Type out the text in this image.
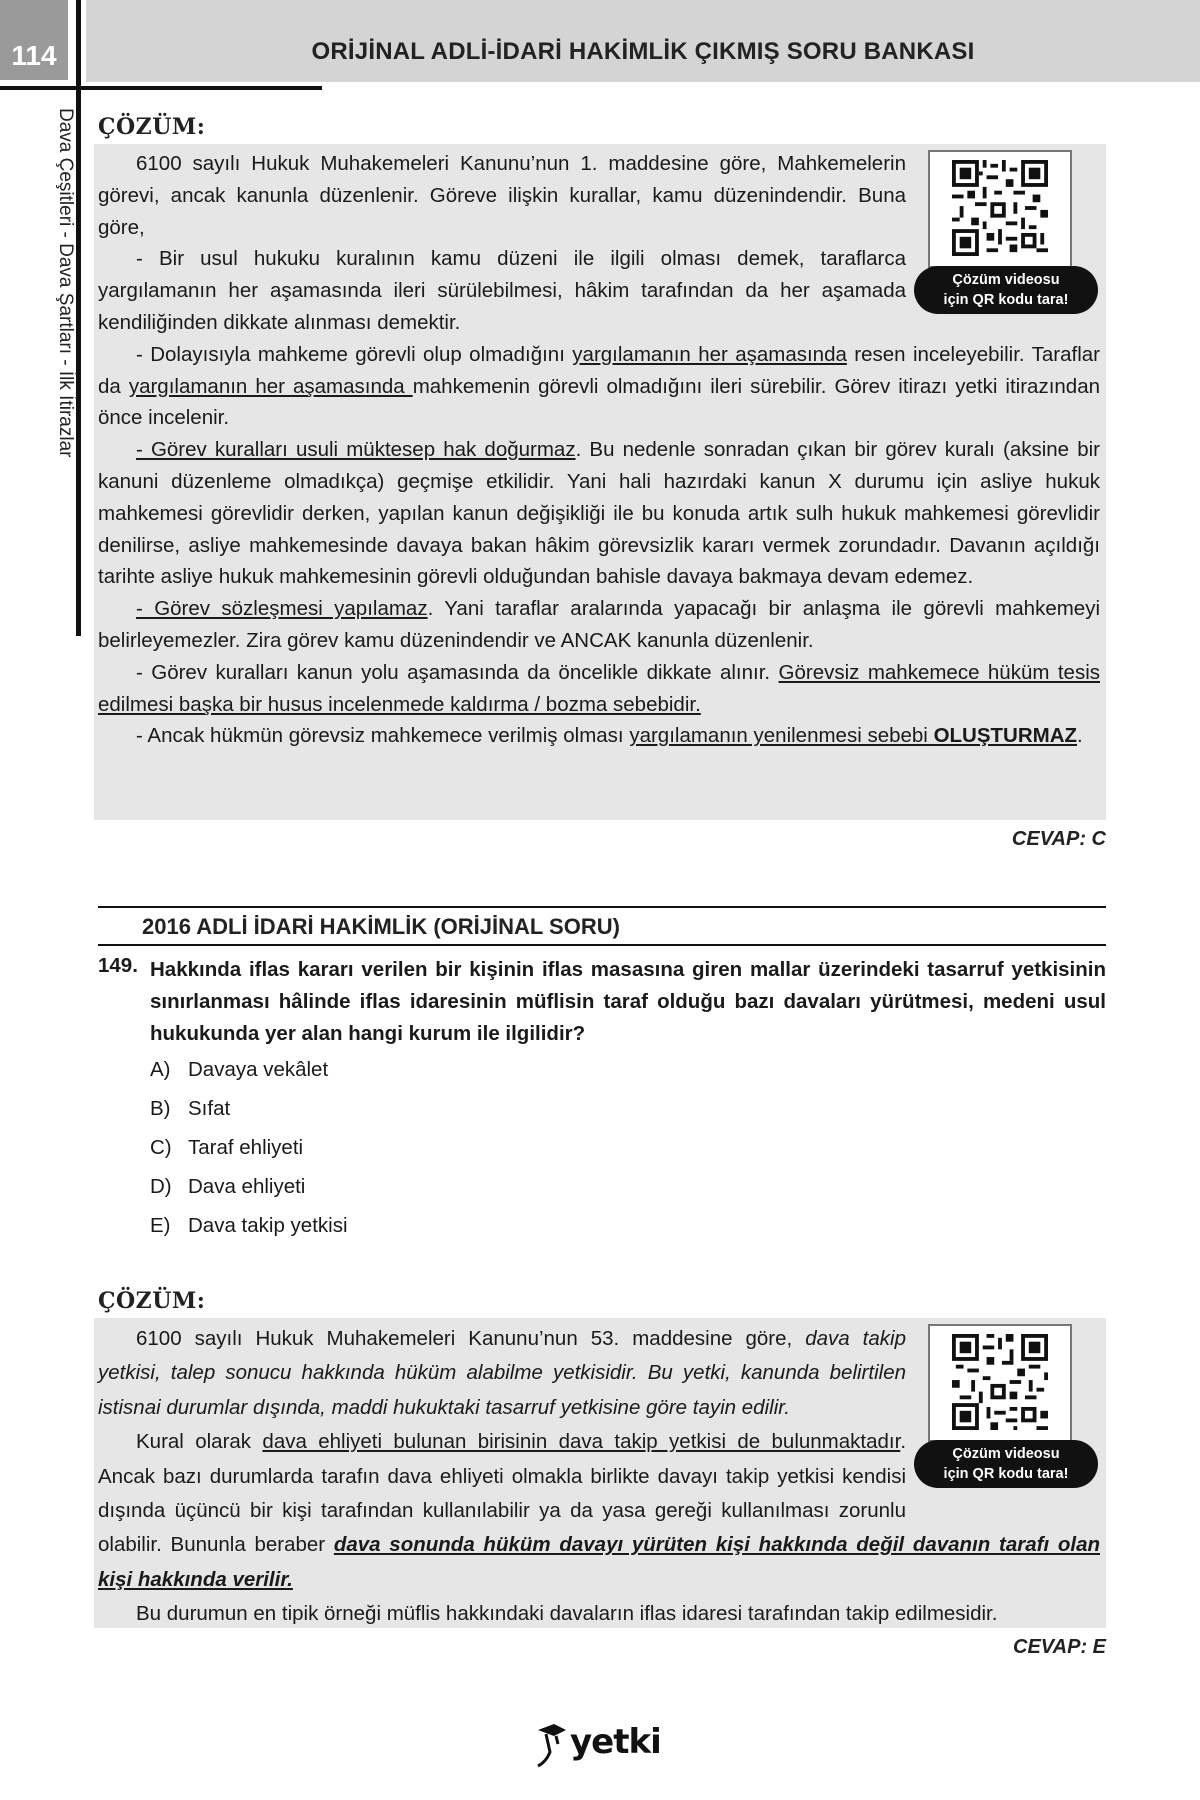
114	ORİJİNAL ADLİ-İDARİ HAKİMLİK ÇIKMIŞ SORU BANKASI
Dava Çeşitleri - Dava Şartları - İlk İtirazlar ÇÖZÜM:
Çözüm videosu
için QR kodu tara!

6100 sayılı Hukuk Muhakemeleri Kanunu’nun 1. maddesine göre, Mahkemelerin görevi, ancak kanunla düzenlenir. Göreve ilişkin kurallar, kamu düzenindendir. Buna göre,

- Bir usul hukuku kuralının kamu düzeni ile ilgili olması demek, taraflarca yargılamanın her aşamasında ileri sürülebilmesi, hâkim tarafından da her aşamada kendiliğinden dikkate alınması demektir.

- Dolayısıyla mahkeme görevli olup olmadığını yargılamanın her aşamasında resen inceleyebilir. Taraflar da yargılamanın her aşamasında mahkemenin görevli olmadığını ileri sürebilir. Görev itirazı yetki itirazından önce incelenir.

- Görev kuralları usuli müktesep hak doğurmaz. Bu nedenle sonradan çıkan bir görev kuralı (aksine bir kanuni düzenleme olmadıkça) geçmişe etkilidir. Yani hali hazırdaki kanun X durumu için asliye hukuk mahkemesi görevlidir derken, yapılan kanun değişikliği ile bu konuda artık sulh hukuk mahkemesi görevlidir denilirse, asliye mahkemesinde davaya bakan hâkim görevsizlik kararı vermek zorundadır. Davanın açıldığı tarihte asliye hukuk mahkemesinin görevli olduğundan bahisle davaya bakmaya devam edemez.

- Görev sözleşmesi yapılamaz. Yani taraflar aralarında yapacağı bir anlaşma ile görevli mahkemeyi belirleyemezler. Zira görev kamu düzenindendir ve ANCAK kanunla düzenlenir.

- Görev kuralları kanun yolu aşamasında da öncelikle dikkate alınır. Görevsiz mahkemece hüküm tesis edilmesi başka bir husus incelenmede kaldırma / bozma sebebidir.

- Ancak hükmün görevsiz mahkemece verilmiş olması yargılamanın yenilenmesi sebebi OLUŞTURMAZ.

CEVAP: C
2016 ADLİ İDARİ HAKİMLİK (ORİJİNAL SORU)
149. Hakkında iflas kararı verilen bir kişinin iflas masasına giren mallar üzerindeki tasarruf yetkisinin sınırlanması hâlinde iflas idaresinin müflisin taraf olduğu bazı davaları yürütmesi, medeni usul hukukunda yer alan hangi kurum ile ilgilidir?
A) Davaya vekâlet
B) Sıfat
C) Taraf ehliyeti
D) Dava ehliyeti
E) Dava takip yetkisi
ÇÖZÜM:
Çözüm videosu
için QR kodu tara!

6100 sayılı Hukuk Muhakemeleri Kanunu’nun 53. maddesine göre, dava takip yetkisi, talep sonucu hakkında hüküm alabilme yetkisidir. Bu yetki, kanunda belirtilen istisnai durumlar dışında, maddi hukuktaki tasarruf yetkisine göre tayin edilir.

Kural olarak dava ehliyeti bulunan birisinin dava takip yetkisi de bulunmaktadır. Ancak bazı durumlarda tarafın dava ehliyeti olmakla birlikte davayı takip yetkisi kendisi dışında üçüncü bir kişi tarafından kullanılabilir ya da yasa gereği kullanılması zorunlu olabilir. Bununla beraber dava sonunda hüküm davayı yürüten kişi hakkında değil davanın tarafı olan kişi hakkında verilir.

Bu durumun en tipik örneği müflis hakkındaki davaların iflas idaresi tarafından takip edilmesidir.

CEVAP: E
yetki
